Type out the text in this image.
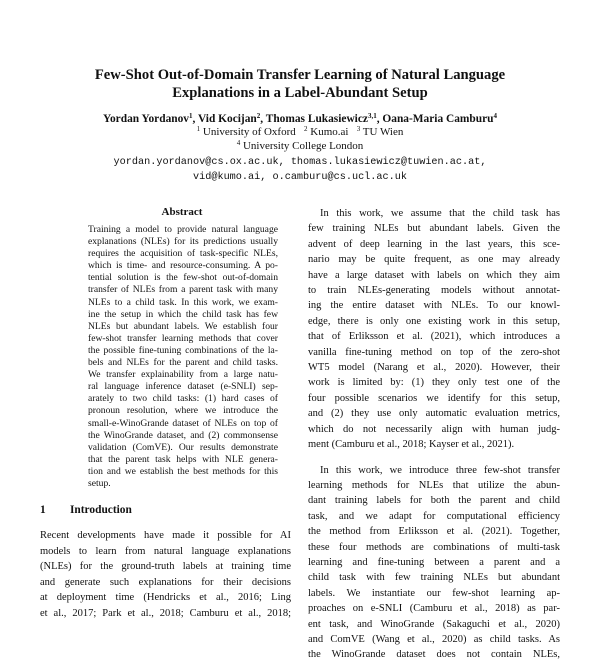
Few-Shot Out-of-Domain Transfer Learning of Natural Language
Explanations in a Label-Abundant Setup
Yordan Yordanov$^1$, Vid Kocijan$^2$, Thomas Lukasiewicz$^{3,1}$, Oana-Maria Camburu$^4$
$^1$ University of Oxford $^2$ Kumo.ai $^3$ TU Wien
$^4$ University College London
yordan.yordanov@cs.ox.ac.uk, thomas.lukasiewicz@tuwien.ac.at,
vid@kumo.ai, o.camburu@cs.ucl.ac.uk
Abstract
Training a model to provide natural language
explanations (NLEs) for its predictions usually
requires the acquisition of task-specific NLEs,
which is time- and resource-consuming. A po-
tential solution is the few-shot out-of-domain
transfer of NLEs from a parent task with many
NLEs to a child task. In this work, we exam-
ine the setup in which the child task has few
NLEs but abundant labels. We establish four
few-shot transfer learning methods that cover
the possible fine-tuning combinations of the la-
bels and NLEs for the parent and child tasks.
We transfer explainability from a large natu-
ral language inference dataset (e-SNLI) sep-
arately to two child tasks: (1) hard cases of
pronoun resolution, where we introduce the
small-e-WinoGrande dataset of NLEs on top of
the WinoGrande dataset, and (2) commonsense
validation (ComVE). Our results demonstrate
that the parent task helps with NLE genera-
tion and we establish the best methods for this
setup.
1 Introduction
Recent developments have made it possible for AI
models to learn from natural language explanations
(NLEs) for the ground-truth labels at training time
and generate such explanations for their decisions
at deployment time (Hendricks et al., 2016; Ling
et al., 2017; Park et al., 2018; Camburu et al., 2018;
In this work, we assume that the child task has
few training NLEs but abundant labels. Given the
advent of deep learning in the last years, this sce-
nario may be quite frequent, as one may already
have a large dataset with labels on which they aim
to train NLEs-generating models without annotat-
ing the entire dataset with NLEs. To our knowl-
edge, there is only one existing work in this setup,
that of Erliksson et al. (2021), which introduces a
vanilla fine-tuning method on top of the zero-shot
WT5 model (Narang et al., 2020). However, their
work is limited by: (1) they only test one of the
four possible scenarios we identify for this setup,
and (2) they use only automatic evaluation metrics,
which do not necessarily align with human judg-
ment (Camburu et al., 2018; Kayser et al., 2021).
In this work, we introduce three few-shot transfer
learning methods for NLEs that utilize the abun-
dant training labels for both the parent and child
task, and we adapt for computational efficiency
the method from Erliksson et al. (2021). Together,
these four methods are combinations of multi-task
learning and fine-tuning between a parent and a
child task with few training NLEs but abundant
labels. We instantiate our few-shot learning ap-
proaches on e-SNLI (Camburu et al., 2018) as par-
ent task, and WinoGrande (Sakaguchi et al., 2020)
and ComVE (Wang et al., 2020) as child tasks. As
the WinoGrande dataset does not contain NLEs,
